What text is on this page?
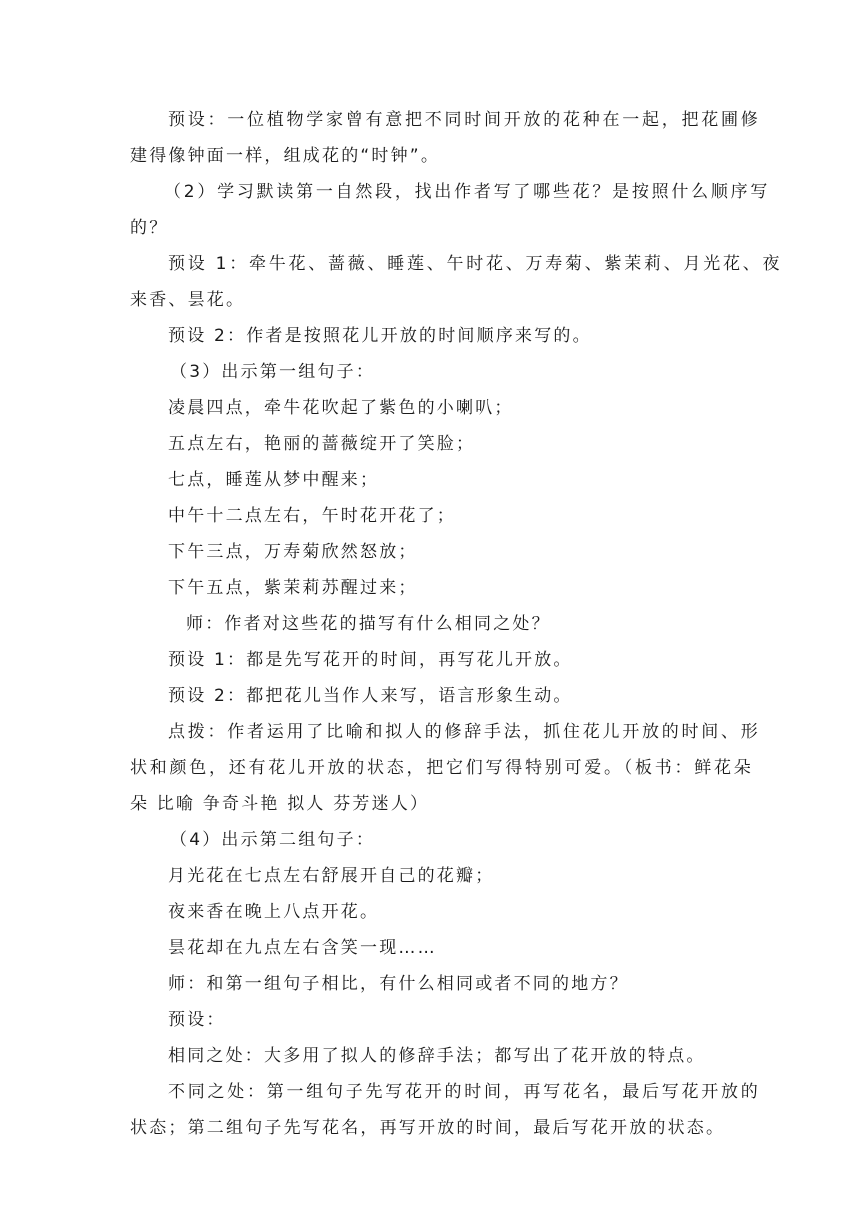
预设：一位植物学家曾有意把不同时间开放的花种在一起，把花圃修
建得像钟面一样，组成花的“时钟”。
（2）学习默读第一自然段，找出作者写了哪些花？是按照什么顺序写
的？
预设 1：牵牛花、蔷薇、睡莲、午时花、万寿菊、紫茉莉、月光花、夜
来香、昙花。
预设 2：作者是按照花儿开放的时间顺序来写的。
（3）出示第一组句子：
凌晨四点，牵牛花吹起了紫色的小喇叭；
五点左右，艳丽的蔷薇绽开了笑脸；
七点，睡莲从梦中醒来；
中午十二点左右，午时花开花了；
下午三点，万寿菊欣然怒放；
下午五点，紫茉莉苏醒过来；
师：作者对这些花的描写有什么相同之处？
预设 1：都是先写花开的时间，再写花儿开放。
预设 2：都把花儿当作人来写，语言形象生动。
点拨：作者运用了比喻和拟人的修辞手法，抓住花儿开放的时间、形
状和颜色，还有花儿开放的状态，把它们写得特别可爱。（板书：鲜花朵
朵 比喻 争奇斗艳 拟人 芬芳迷人）
（4）出示第二组句子：
月光花在七点左右舒展开自己的花瓣；
夜来香在晚上八点开花。
昙花却在九点左右含笑一现……
师：和第一组句子相比，有什么相同或者不同的地方？
预设：
相同之处：大多用了拟人的修辞手法；都写出了花开放的特点。
不同之处：第一组句子先写花开的时间，再写花名，最后写花开放的
状态；第二组句子先写花名，再写开放的时间，最后写花开放的状态。
